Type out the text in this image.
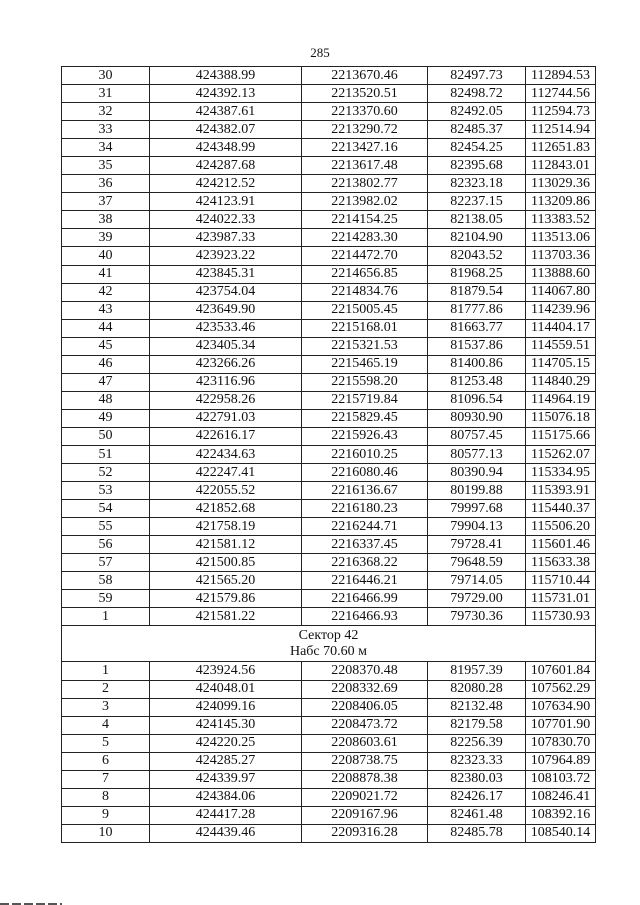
285
30	424388.99	2213670.46	82497.73	112894.53
31	424392.13	2213520.51	82498.72	112744.56
32	424387.61	2213370.60	82492.05	112594.73
33	424382.07	2213290.72	82485.37	112514.94
34	424348.99	2213427.16	82454.25	112651.83
35	424287.68	2213617.48	82395.68	112843.01
36	424212.52	2213802.77	82323.18	113029.36
37	424123.91	2213982.02	82237.15	113209.86
38	424022.33	2214154.25	82138.05	113383.52
39	423987.33	2214283.30	82104.90	113513.06
40	423923.22	2214472.70	82043.52	113703.36
41	423845.31	2214656.85	81968.25	113888.60
42	423754.04	2214834.76	81879.54	114067.80
43	423649.90	2215005.45	81777.86	114239.96
44	423533.46	2215168.01	81663.77	114404.17
45	423405.34	2215321.53	81537.86	114559.51
46	423266.26	2215465.19	81400.86	114705.15
47	423116.96	2215598.20	81253.48	114840.29
48	422958.26	2215719.84	81096.54	114964.19
49	422791.03	2215829.45	80930.90	115076.18
50	422616.17	2215926.43	80757.45	115175.66
51	422434.63	2216010.25	80577.13	115262.07
52	422247.41	2216080.46	80390.94	115334.95
53	422055.52	2216136.67	80199.88	115393.91
54	421852.68	2216180.23	79997.68	115440.37
55	421758.19	2216244.71	79904.13	115506.20
56	421581.12	2216337.45	79728.41	115601.46
57	421500.85	2216368.22	79648.59	115633.38
58	421565.20	2216446.21	79714.05	115710.44
59	421579.86	2216466.99	79729.00	115731.01
1	421581.22	2216466.93	79730.36	115730.93

Сектор 42
Набс 70.60 м				

1	423924.56	2208370.48	81957.39	107601.84
2	424048.01	2208332.69	82080.28	107562.29
3	424099.16	2208406.05	82132.48	107634.90
4	424145.30	2208473.72	82179.58	107701.90
5	424220.25	2208603.61	82256.39	107830.70
6	424285.27	2208738.75	82323.33	107964.89
7	424339.97	2208878.38	82380.03	108103.72
8	424384.06	2209021.72	82426.17	108246.41
9	424417.28	2209167.96	82461.48	108392.16
10	424439.46	2209316.28	82485.78	108540.14
